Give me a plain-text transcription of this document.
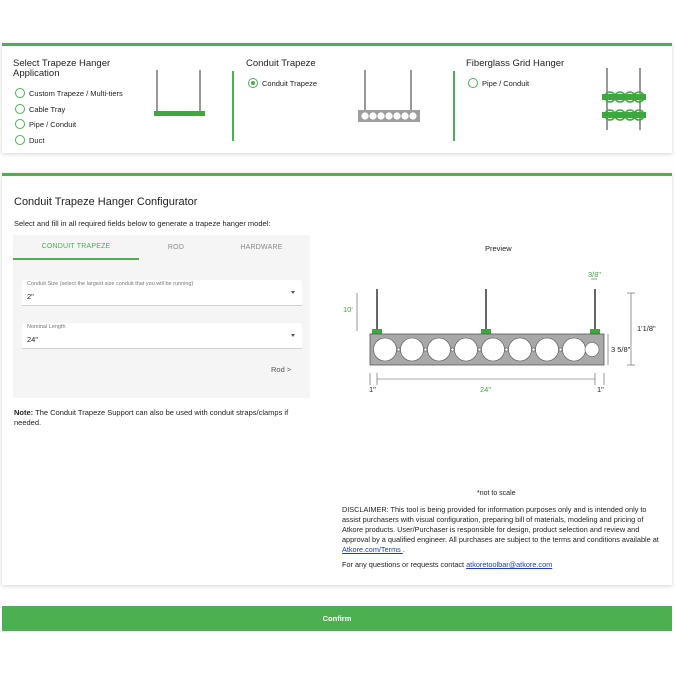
Select Trapeze Hanger Application
Custom Trapeze / Multi-tiers
Cable Tray
Pipe / Conduit
Duct
Conduit Trapeze
Conduit Trapeze
Fiberglass Grid Hanger
Pipe / Conduit
Conduit Trapeze Hanger Configurator
Select and fill in all required fields below to generate a trapeze hanger model:
CONDUIT TRAPEZE	ROD	HARDWARE
Conduit Size (select the largest size conduit that you will be running)
2"
Nominal Length
24"
Rod >
Note: The Conduit Trapeze Support can also be used with conduit straps/clamps if needed.
Preview
3/8"
10'
1'1/8"
3 5/8"
1"	24"	1"
*not to scale
DISCLAIMER: This tool is being provided for information purposes only and is intended only to assist purchasers with visual configuration, preparing bill of materials, modeling and pricing of Atkore products. User/Purchaser is responsible for design, product selection and review and approval by a qualified engineer. All purchases are subject to the terms and conditions available at Atkore.com/Terms .
For any questions or requests contact atkoretoolbar@atkore.com
Confirm
